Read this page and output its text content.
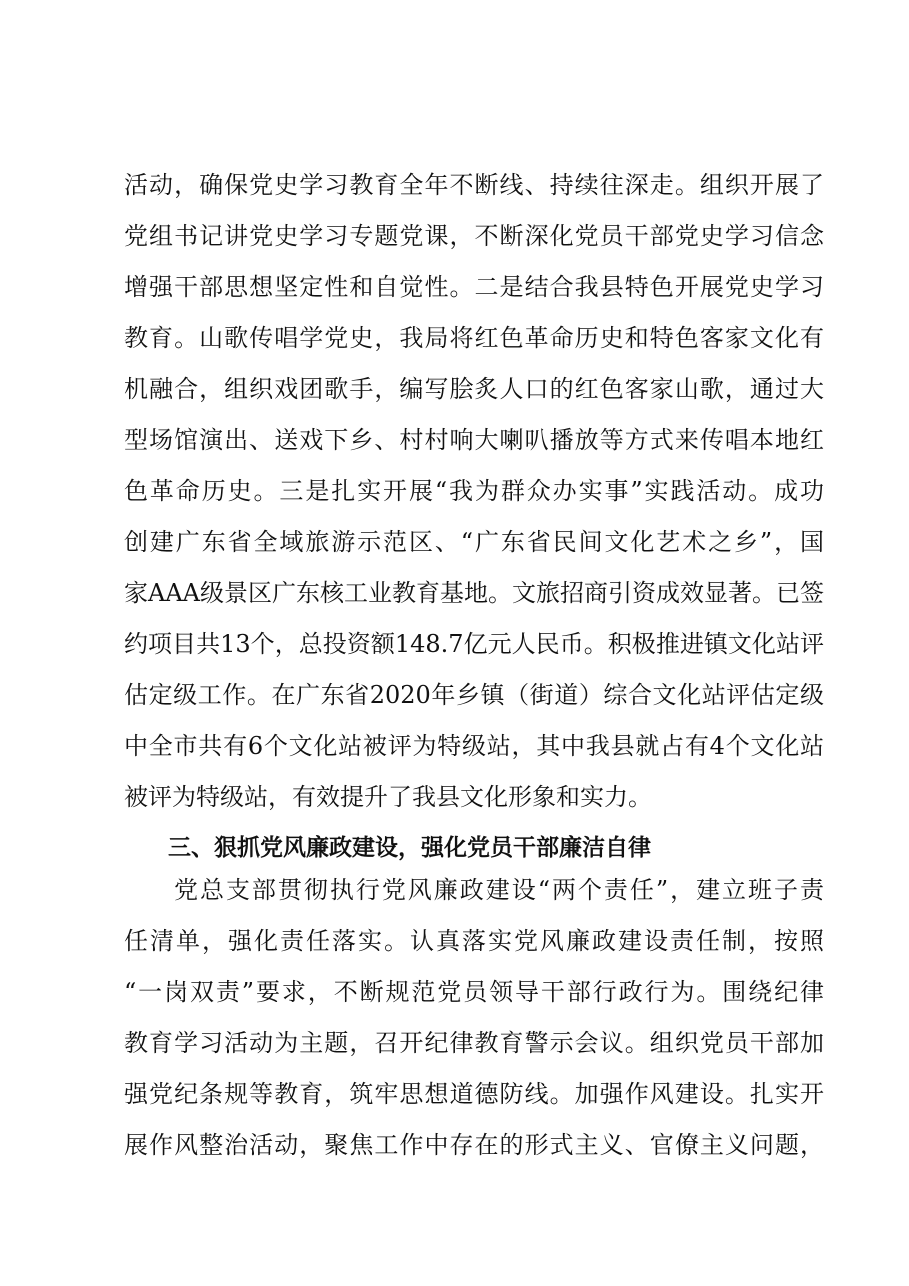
活动，确保党史学习教育全年不断线、持续往深走。组织开展了
党组书记讲党史学习专题党课，不断深化党员干部党史学习信念
增强干部思想坚定性和自觉性。二是结合我县特色开展党史学习
教育。山歌传唱学党史，我局将红色革命历史和特色客家文化有
机融合，组织戏团歌手，编写脍炙人口的红色客家山歌，通过大
型场馆演出、送戏下乡、村村响大喇叭播放等方式来传唱本地红
色革命历史。三是扎实开展“我为群众办实事”实践活动。成功
创建广东省全域旅游示范区、“广东省民间文化艺术之乡”，国
家AAA级景区广东核工业教育基地。文旅招商引资成效显著。已签
约项目共13个，总投资额148.7亿元人民币。积极推进镇文化站评
估定级工作。在广东省2020年乡镇（街道）综合文化站评估定级
中全市共有6个文化站被评为特级站，其中我县就占有4个文化站
被评为特级站，有效提升了我县文化形象和实力。
三、狠抓党风廉政建设，强化党员干部廉洁自律
党总支部贯彻执行党风廉政建设“两个责任”，建立班子责
任清单，强化责任落实。认真落实党风廉政建设责任制，按照
“一岗双责”要求，不断规范党员领导干部行政行为。围绕纪律
教育学习活动为主题，召开纪律教育警示会议。组织党员干部加
强党纪条规等教育，筑牢思想道德防线。加强作风建设。扎实开
展作风整治活动，聚焦工作中存在的形式主义、官僚主义问题，
